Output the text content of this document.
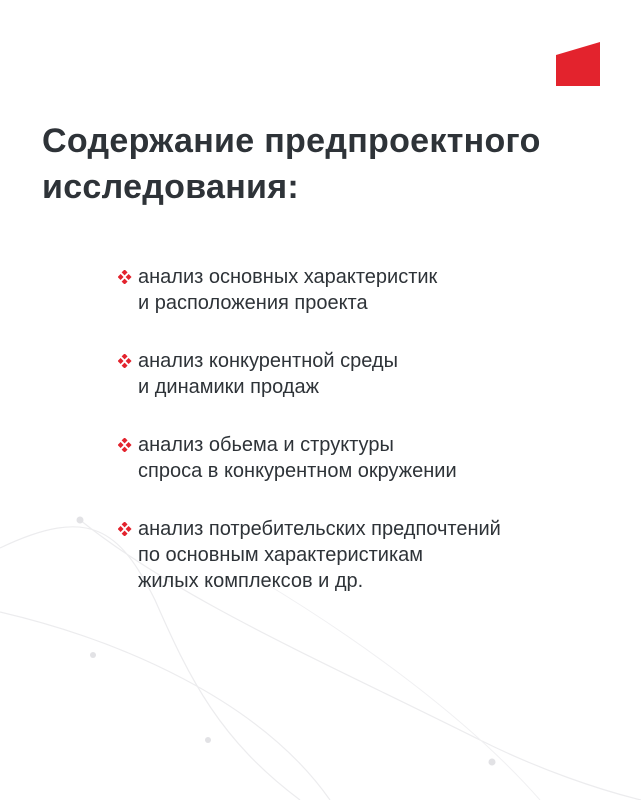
Содержание предпроектного
исследования:
анализ основных характеристик
и расположения проекта
анализ конкурентной среды
и динамики продаж
анализ обьема и структуры
спроса в конкурентном окружении
анализ потребительских предпочтений
по основным характеристикам
жилых комплексов и др.
